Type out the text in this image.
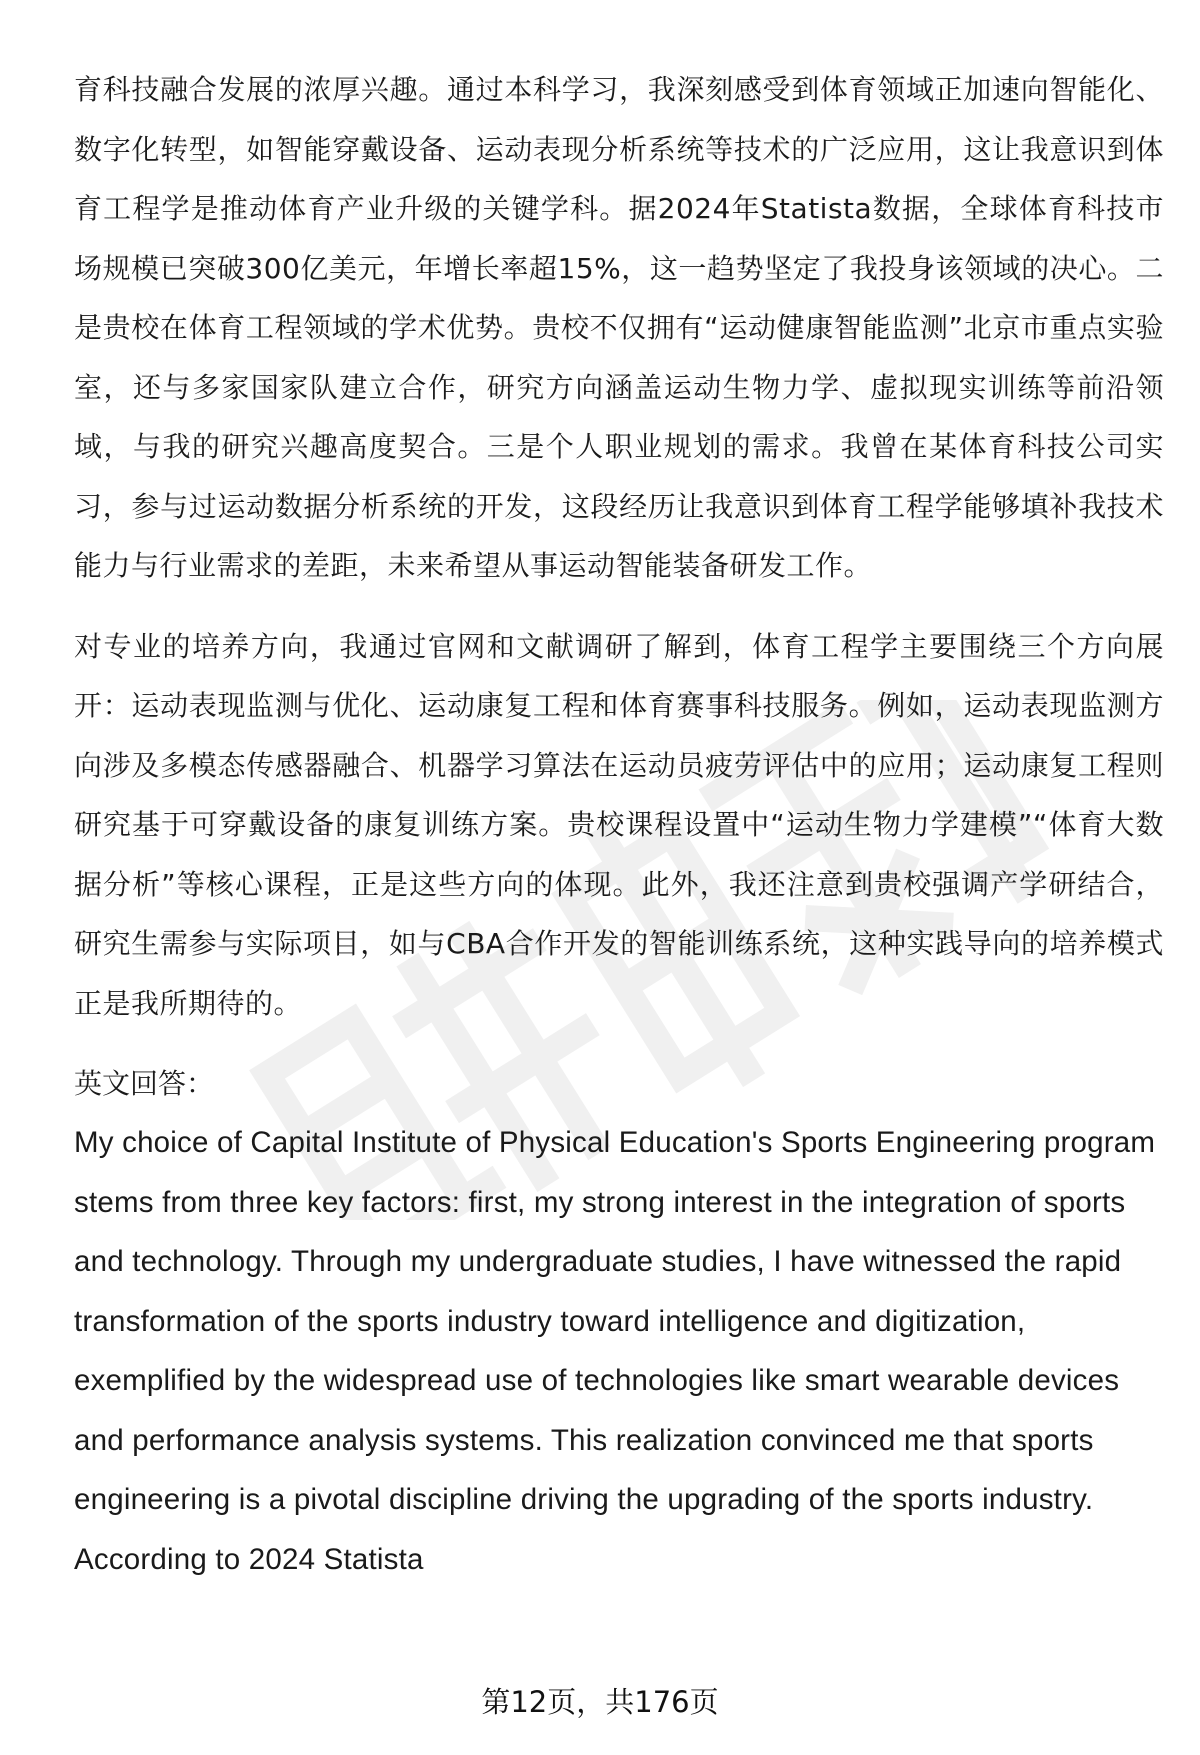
育科技融合发展的浓厚兴趣。通过本科学习，我深刻感受到体育领域正加速向智能化、数字化转型，如智能穿戴设备、运动表现分析系统等技术的广泛应用，这让我意识到体育工程学是推动体育产业升级的关键学科。据2024年Statista数据，全球体育科技市场规模已突破300亿美元，年增长率超15%，这一趋势坚定了我投身该领域的决心。二是贵校在体育工程领域的学术优势。贵校不仅拥有“运动健康智能监测”北京市重点实验室，还与多家国家队建立合作，研究方向涵盖运动生物力学、虚拟现实训练等前沿领域，与我的研究兴趣高度契合。三是个人职业规划的需求。我曾在某体育科技公司实习，参与过运动数据分析系统的开发，这段经历让我意识到体育工程学能够填补我技术能力与行业需求的差距，未来希望从事运动智能装备研发工作。

对专业的培养方向，我通过官网和文献调研了解到，体育工程学主要围绕三个方向展开：运动表现监测与优化、运动康复工程和体育赛事科技服务。例如，运动表现监测方向涉及多模态传感器融合、机器学习算法在运动员疲劳评估中的应用；运动康复工程则研究基于可穿戴设备的康复训练方案。贵校课程设置中“运动生物力学建模”“体育大数据分析”等核心课程，正是这些方向的体现。此外，我还注意到贵校强调产学研结合，研究生需参与实际项目，如与CBA合作开发的智能训练系统，这种实践导向的培养模式正是我所期待的。

英文回答：

My choice of Capital Institute of Physical Education's Sports Engineering program stems from three key factors: first, my strong interest in the integration of sports and technology. Through my undergraduate studies, I have witnessed the rapid transformation of the sports industry toward intelligence and digitization, exemplified by the widespread use of technologies like smart wearable devices and performance analysis systems. This realization convinced me that sports engineering is a pivotal discipline driving the upgrading of the sports industry. According to 2024 Statista

第12页，共176页
